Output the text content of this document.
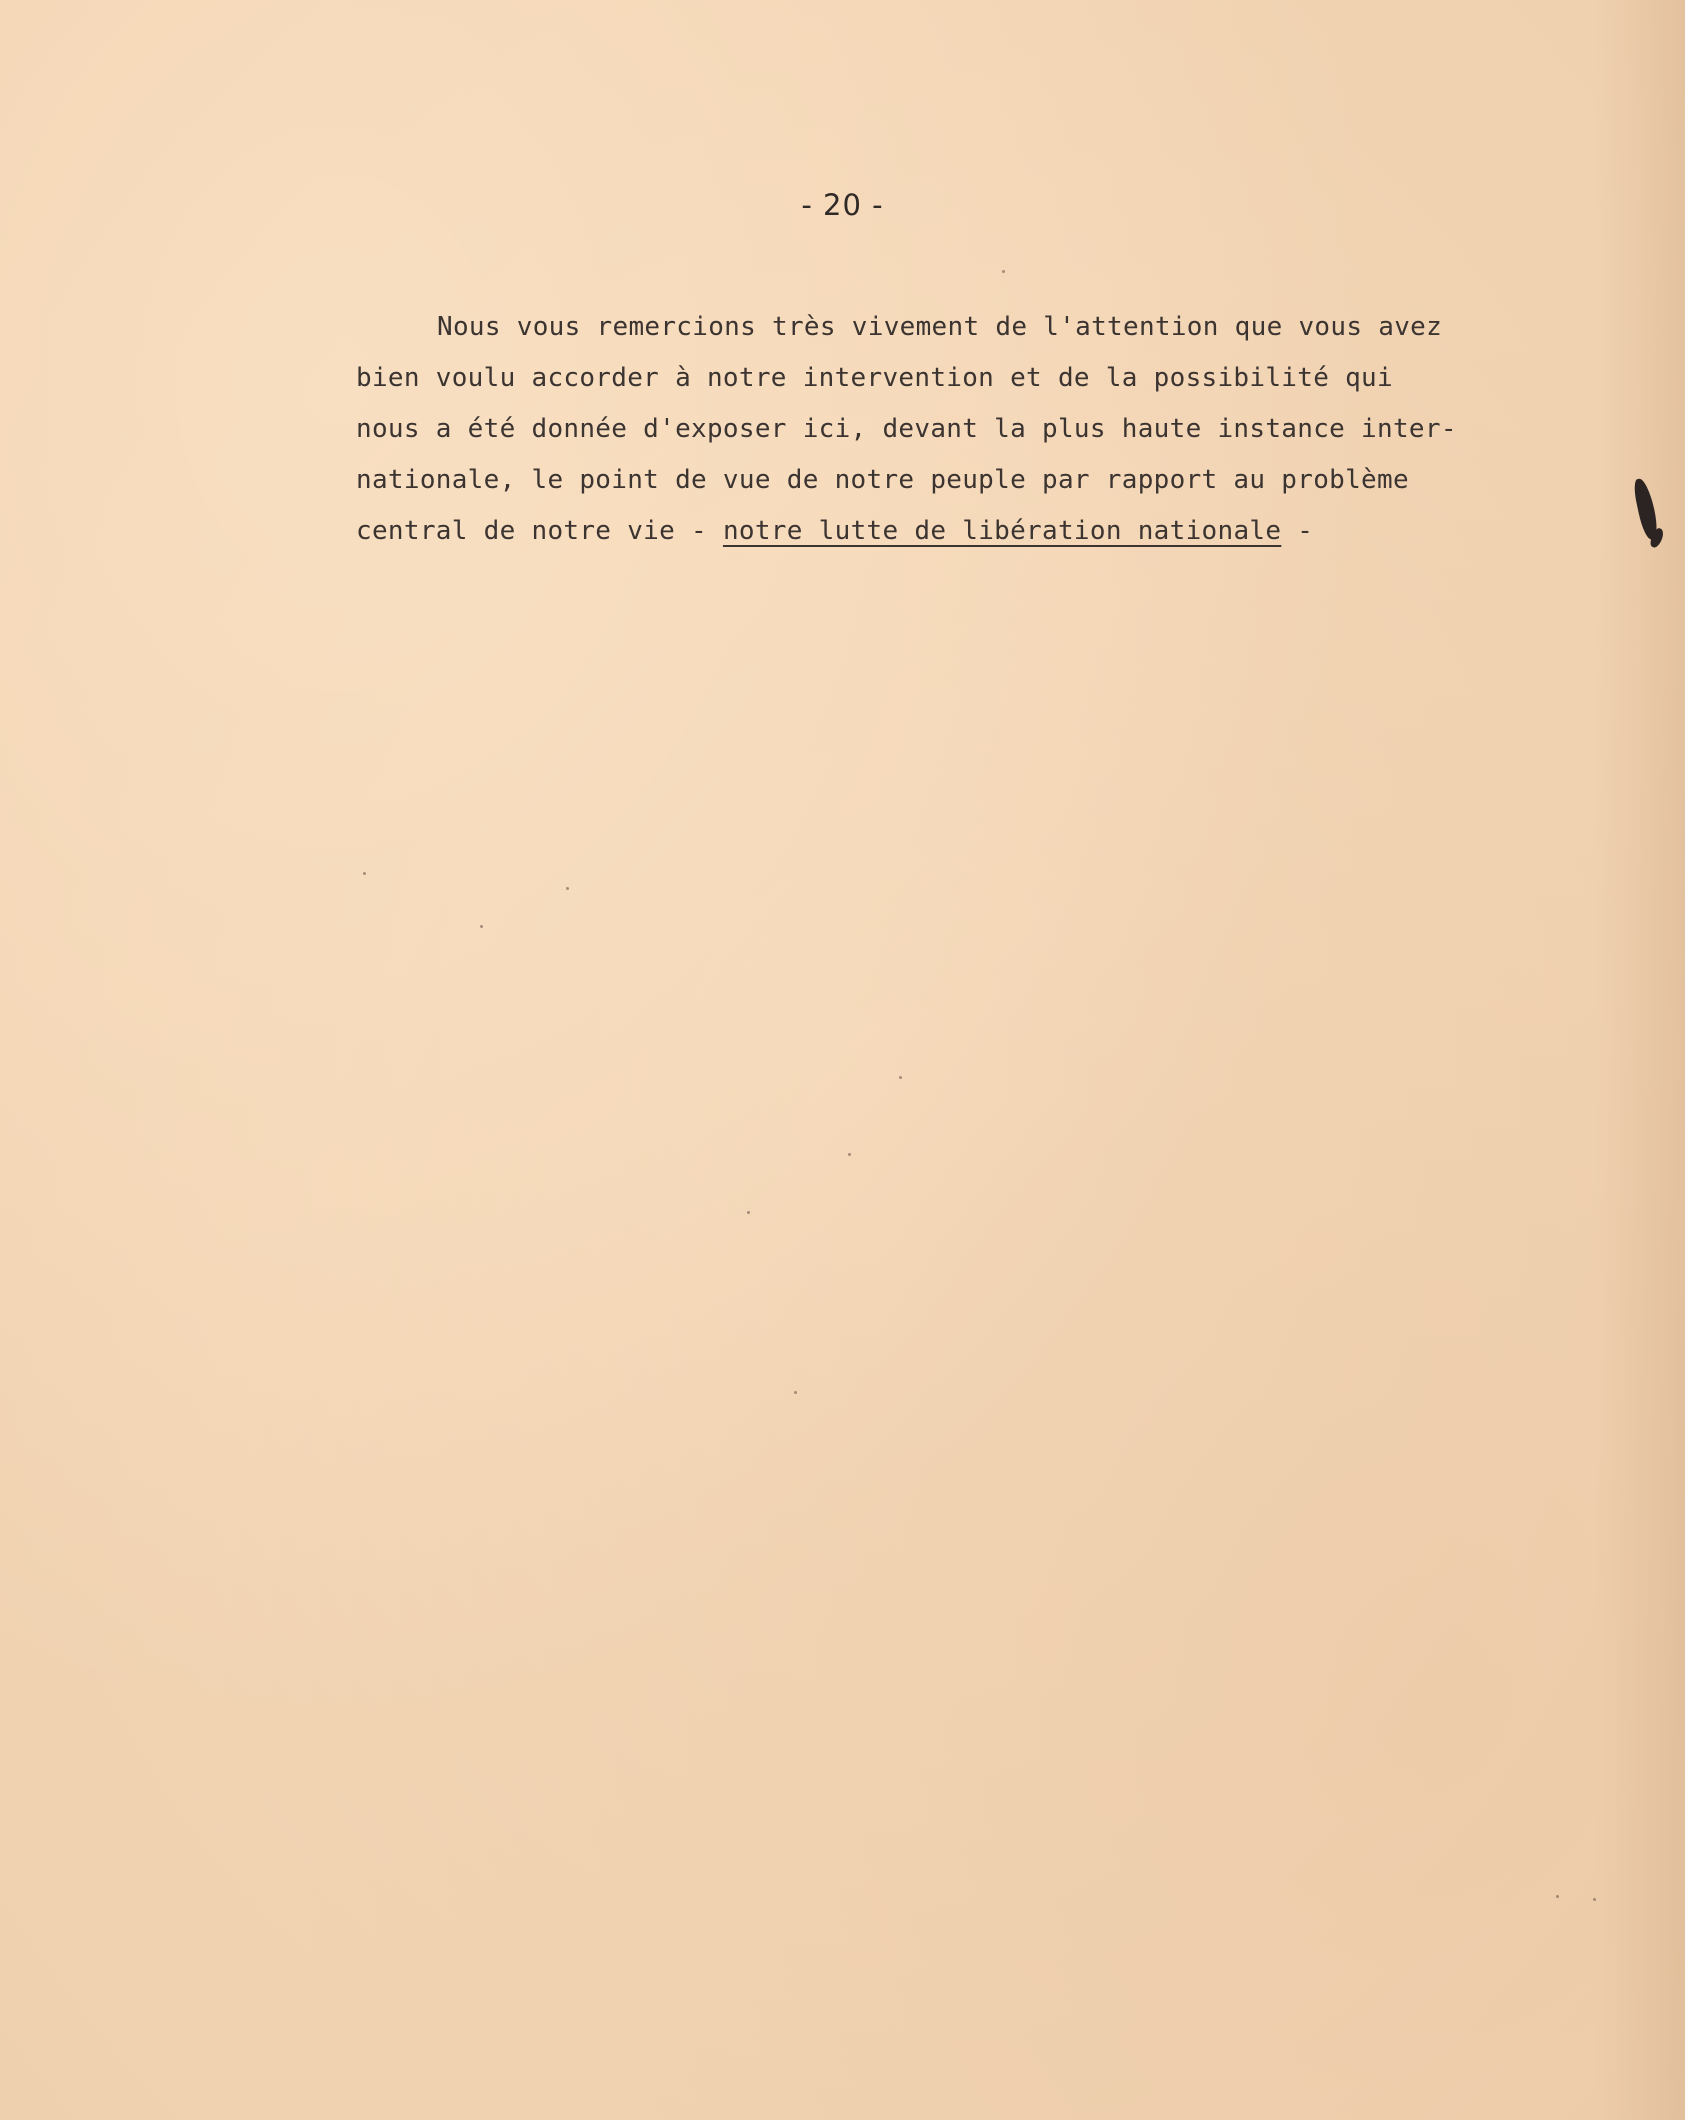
- 20 -
Nous vous remercions très vivement de l'attention que vous avez
bien voulu accorder à notre intervention et de la possibilité qui
nous a été donnée d'exposer ici, devant la plus haute instance inter-
nationale, le point de vue de notre peuple par rapport au problème
central de notre vie - notre lutte de libération nationale -
